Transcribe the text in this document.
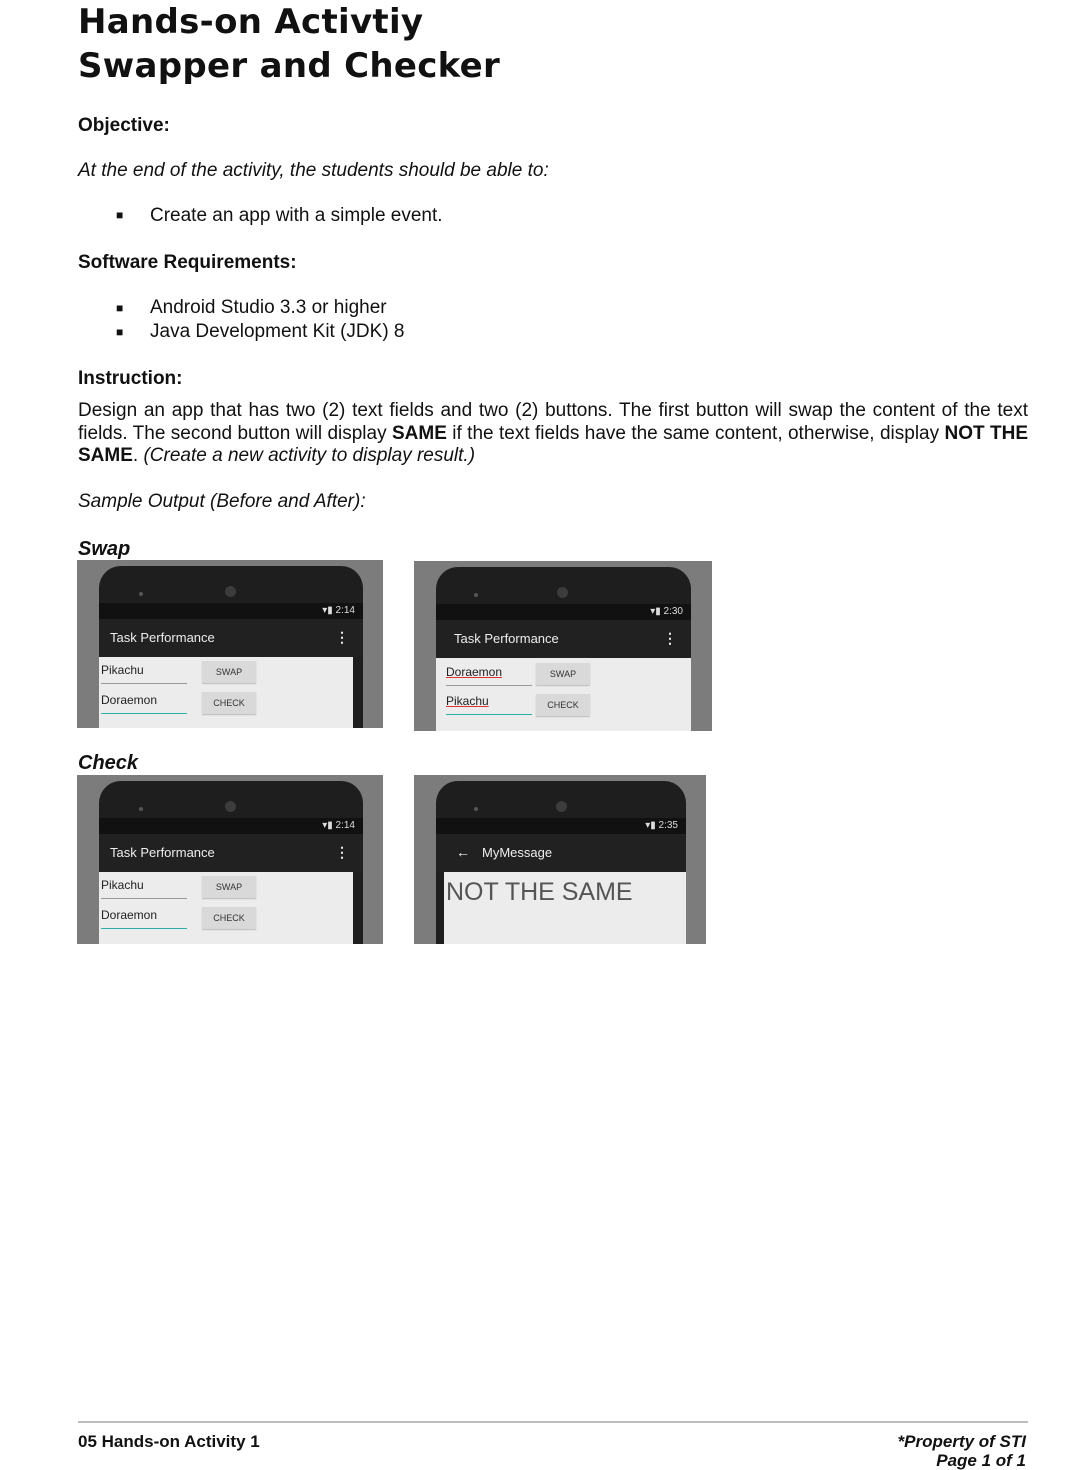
Hands-on Activtiy
Swapper and Checker
Objective:
At the end of the activity, the students should be able to:
■ Create an app with a simple event.
Software Requirements:
■ Android Studio 3.3 or higher
■ Java Development Kit (JDK) 8
Instruction:
Design an app that has two (2) text fields and two (2) buttons. The first button will swap the content of the text fields. The second button will display SAME if the text fields have the same content, otherwise, display NOT THE SAME. (Create a new activity to display result.)
Sample Output (Before and After):
Swap
▾▮ 2:14
Task Performance	⋮
Pikachu	SWAP
Doraemon	CHECK
▾▮ 2:30
Task Performance	⋮
Doraemon	SWAP
Pikachu	CHECK
Check
▾▮ 2:14
Task Performance	⋮
Pikachu	SWAP
Doraemon	CHECK
▾▮ 2:35
← MyMessage
NOT THE SAME
05 Hands-on Activity 1	*Property of STI
Page 1 of 1
